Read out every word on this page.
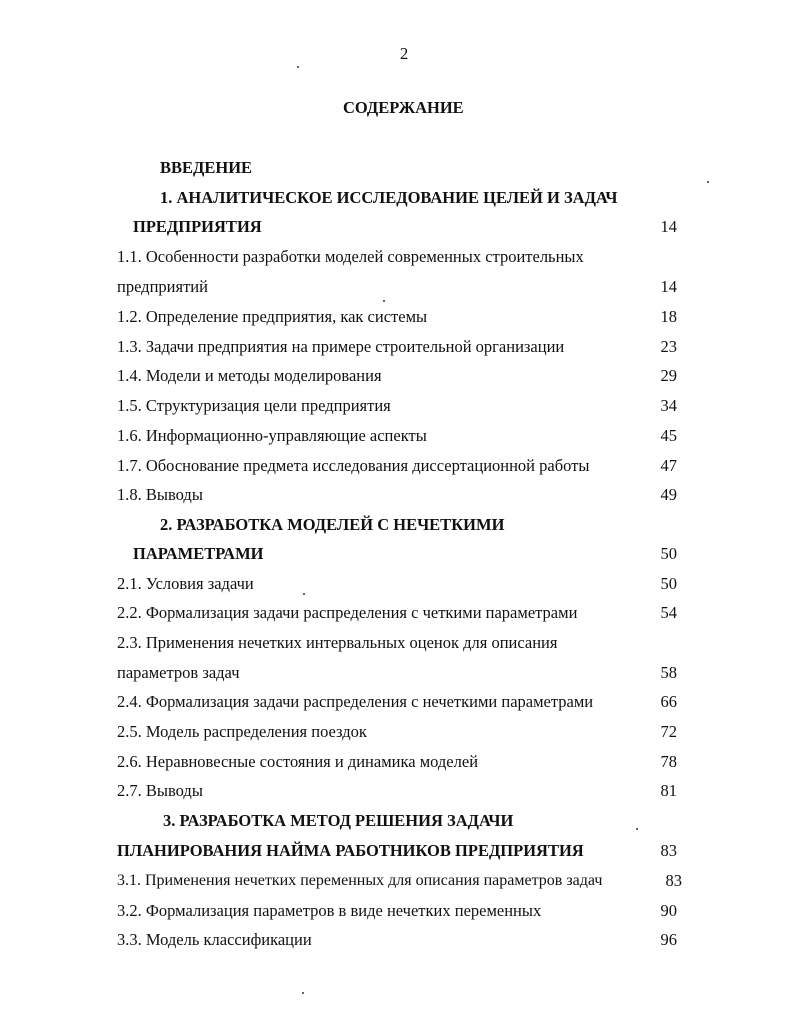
2
СОДЕРЖАНИЕ
ВВЕДЕНИЕ
1. АНАЛИТИЧЕСКОЕ ИССЛЕДОВАНИЕ ЦЕЛЕЙ И ЗАДАЧ
ПРЕДПРИЯТИЯ	14
1.1. Особенности разработки моделей современных строительных
предприятий	14
1.2. Определение предприятия, как системы	18
1.3. Задачи предприятия на примере строительной организации	23
1.4. Модели и методы моделирования	29
1.5. Структуризация цели предприятия	34
1.6. Информационно-управляющие аспекты	45
1.7. Обоснование предмета исследования диссертационной работы	47
1.8. Выводы	49
2. РАЗРАБОТКА МОДЕЛЕЙ С НЕЧЕТКИМИ
ПАРАМЕТРАМИ	50
2.1. Условия задачи	50
2.2. Формализация задачи распределения с четкими параметрами	54
2.3. Применения нечетких интервальных оценок для описания
параметров задач	58
2.4. Формализация задачи распределения с нечеткими параметрами	66
2.5. Модель распределения поездок	72
2.6. Неравновесные состояния и динамика моделей	78
2.7. Выводы	81
3. РАЗРАБОТКА МЕТОД РЕШЕНИЯ ЗАДАЧИ
ПЛАНИРОВАНИЯ НАЙМА РАБОТНИКОВ ПРЕДПРИЯТИЯ	83
3.1. Применения нечетких переменных для описания параметров задач	83
3.2. Формализация параметров в виде нечетких переменных	90
3.3. Модель классификации	96
